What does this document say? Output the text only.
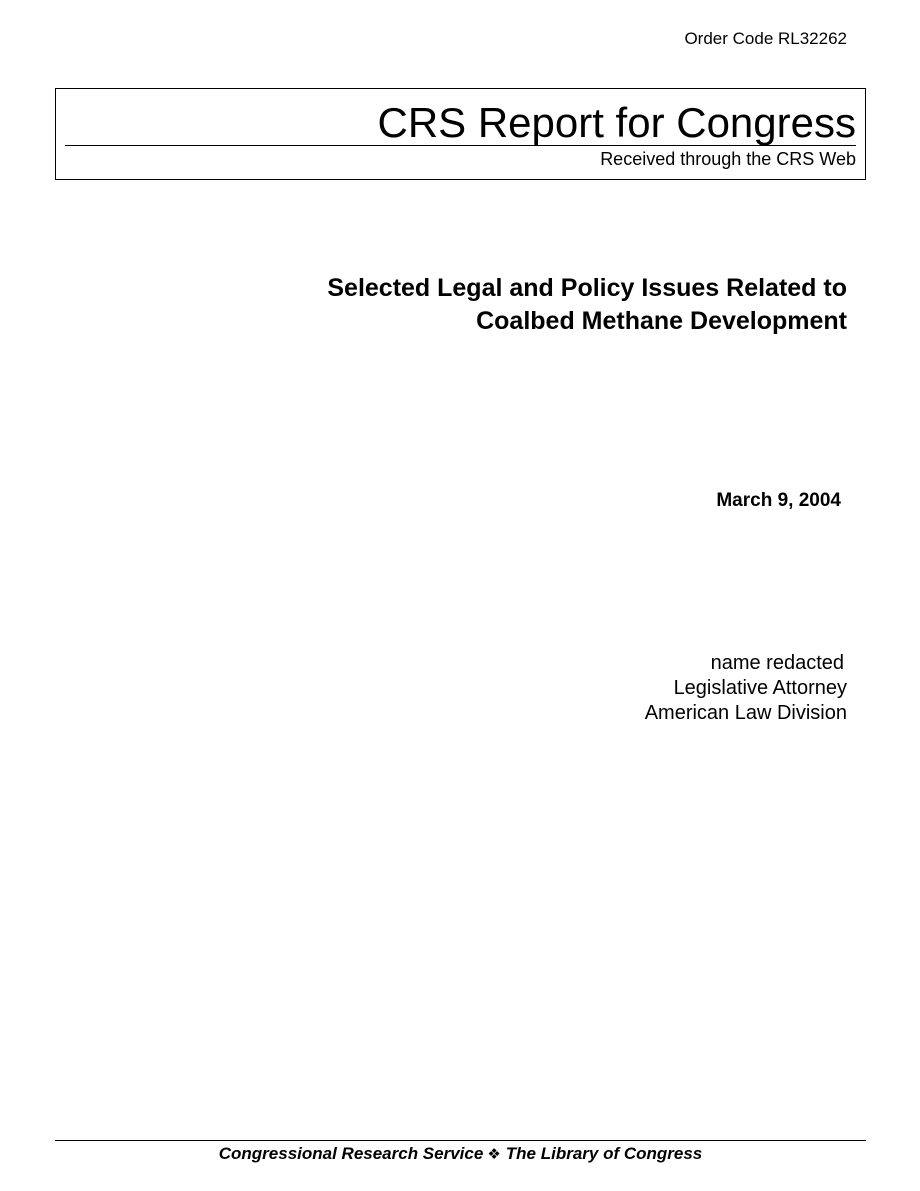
Order Code RL32262
CRS Report for Congress
Received through the CRS Web
Selected Legal and Policy Issues Related to
Coalbed Methane Development
March 9, 2004
name redacted
Legislative Attorney
American Law Division
Congressional Research Service ❖ The Library of Congress
